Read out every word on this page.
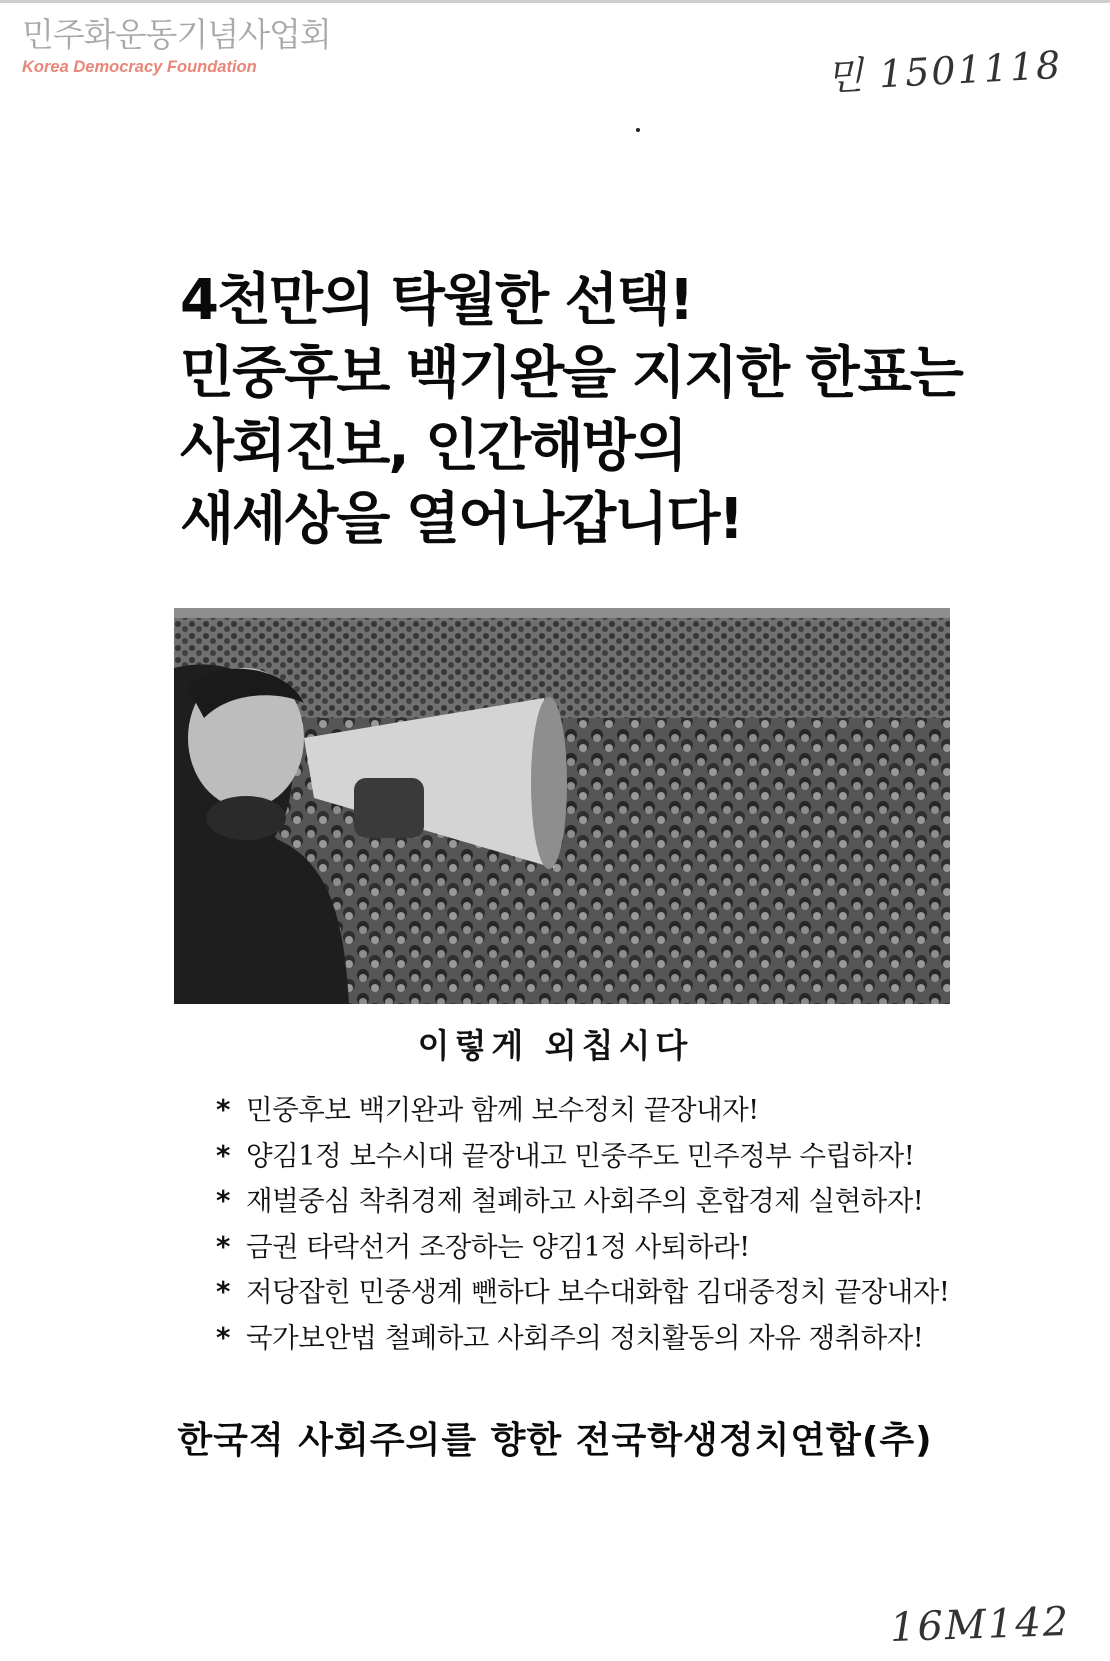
민주화운동기념사업회
Korea Democracy Foundation	민 1501118
4천만의 탁월한 선택!
민중후보 백기완을 지지한 한표는
사회진보, 인간해방의
새세상을 열어나갑니다!
이렇게 외칩시다
* 민중후보 백기완과 함께 보수정치 끝장내자!
* 양김1정 보수시대 끝장내고 민중주도 민주정부 수립하자!
* 재벌중심 착취경제 철폐하고 사회주의 혼합경제 실현하자!
* 금권 타락선거 조장하는 양김1정 사퇴하라!
* 저당잡힌 민중생계 뺀하다 보수대화합 김대중정치 끝장내자!
* 국가보안법 철폐하고 사회주의 정치활동의 자유 쟁취하자!
한국적 사회주의를 향한 전국학생정치연합(추)
16M142
